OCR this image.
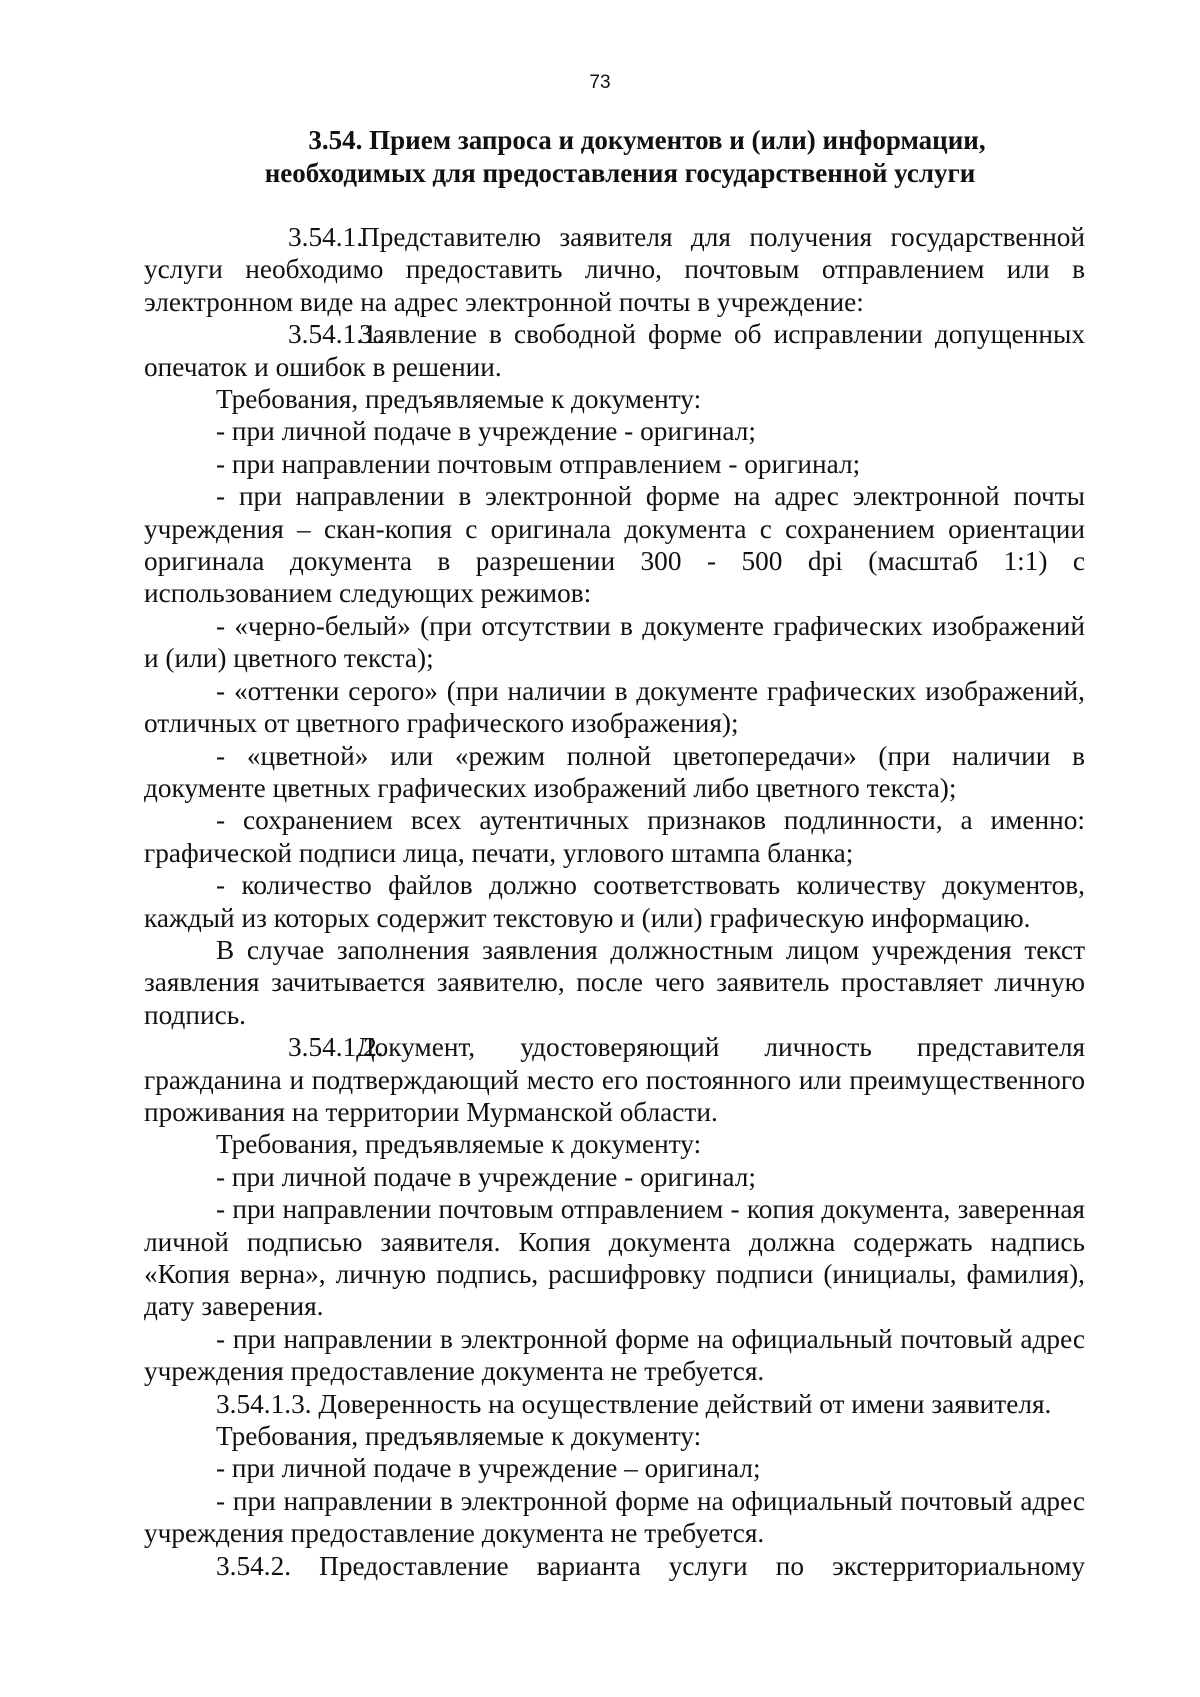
73
3.54. Прием запроса и документов и (или) информации,
необходимых для предоставления государственной услуги

3.54.1.Представителю заявителя для получения государственной услуги необходимо предоставить лично, почтовым отправлением или в электронном виде на адрес электронной почты в учреждение:

3.54.1.1.Заявление в свободной форме об исправлении допущенных опечаток и ошибок в решении.

Требования, предъявляемые к документу:

- при личной подаче в учреждение - оригинал;

- при направлении почтовым отправлением - оригинал;

- при направлении в электронной форме на адрес электронной почты учреждения – скан-копия с оригинала документа с сохранением ориентации оригинала документа в разрешении 300 - 500 dpi (масштаб 1:1) с использованием следующих режимов:

- «черно-белый» (при отсутствии в документе графических изображений и (или) цветного текста);

- «оттенки серого» (при наличии в документе графических изображений, отличных от цветного графического изображения);

- «цветной» или «режим полной цветопередачи» (при наличии в документе цветных графических изображений либо цветного текста);

- сохранением всех аутентичных признаков подлинности, а именно: графической подписи лица, печати, углового штампа бланка;

- количество файлов должно соответствовать количеству документов, каждый из которых содержит текстовую и (или) графическую информацию.

В случае заполнения заявления должностным лицом учреждения текст заявления зачитывается заявителю, после чего заявитель проставляет личную подпись.

3.54.1.2.Документ, удостоверяющий личность представителя гражданина и подтверждающий место его постоянного или преимущественного проживания на территории Мурманской области.

Требования, предъявляемые к документу:

- при личной подаче в учреждение - оригинал;

- при направлении почтовым отправлением - копия документа, заверенная личной подписью заявителя. Копия документа должна содержать надпись «Копия верна», личную подпись, расшифровку подписи (инициалы, фамилия), дату заверения.

- при направлении в электронной форме на официальный почтовый адрес учреждения предоставление документа не требуется.

3.54.1.3. Доверенность на осуществление действий от имени заявителя.

Требования, предъявляемые к документу:

- при личной подаче в учреждение – оригинал;

- при направлении в электронной форме на официальный почтовый адрес учреждения предоставление документа не требуется.

3.54.2. Предоставление варианта услуги по экстерриториальному
